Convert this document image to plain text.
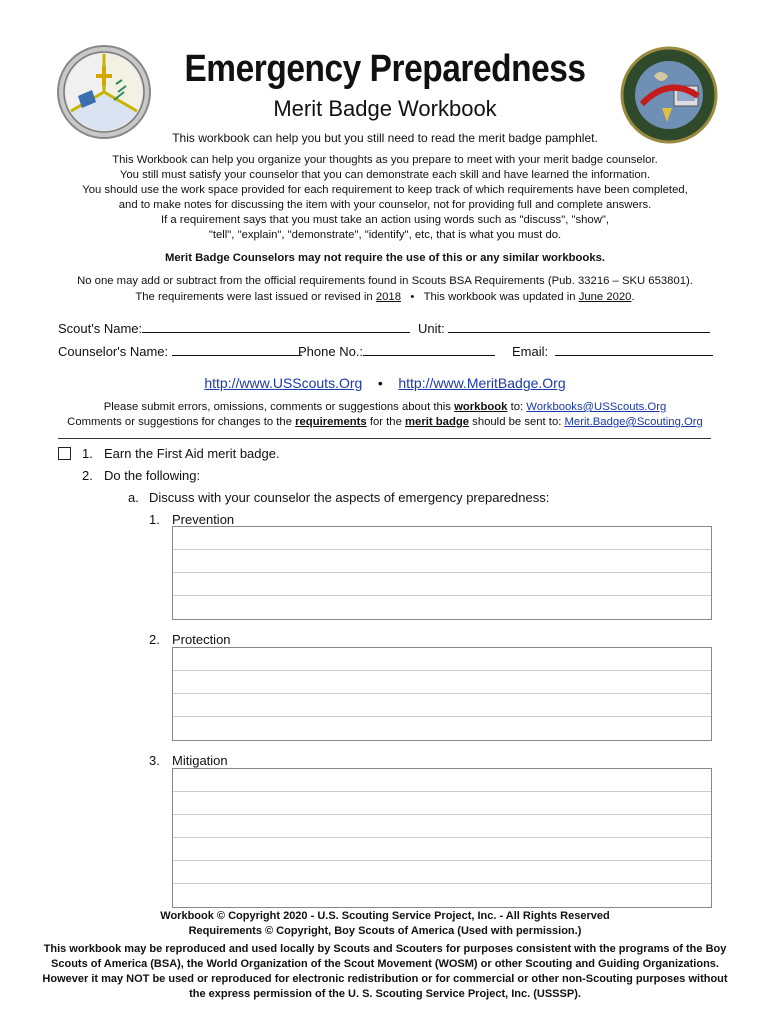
Emergency Preparedness
Merit Badge Workbook
This workbook can help you but you still need to read the merit badge pamphlet.
This Workbook can help you organize your thoughts as you prepare to meet with your merit badge counselor.
You still must satisfy your counselor that you can demonstrate each skill and have learned the information.
You should use the work space provided for each requirement to keep track of which requirements have been completed,
and to make notes for discussing the item with your counselor, not for providing full and complete answers.
If a requirement says that you must take an action using words such as "discuss", "show",
"tell", "explain", "demonstrate", "identify", etc, that is what you must do.
Merit Badge Counselors may not require the use of this or any similar workbooks.
No one may add or subtract from the official requirements found in Scouts BSA Requirements (Pub. 33216 – SKU 653801).
The requirements were last issued or revised in 2018 • This workbook was updated in June 2020.
Scout's Name:	Unit:
Counselor's Name:	Phone No.:	Email:
http://www.USScouts.Org • http://www.MeritBadge.Org
Please submit errors, omissions, comments or suggestions about this workbook to: Workbooks@USScouts.Org
Comments or suggestions for changes to the requirements for the merit badge should be sent to: Merit.Badge@Scouting.Org
1. Earn the First Aid merit badge.
2. Do the following:
a. Discuss with your counselor the aspects of emergency preparedness:
1. Prevention
2. Protection
3. Mitigation
Workbook © Copyright 2020 - U.S. Scouting Service Project, Inc. - All Rights Reserved
Requirements © Copyright, Boy Scouts of America (Used with permission.)
This workbook may be reproduced and used locally by Scouts and Scouters for purposes consistent with the programs of the Boy
Scouts of America (BSA), the World Organization of the Scout Movement (WOSM) or other Scouting and Guiding Organizations.
However it may NOT be used or reproduced for electronic redistribution or for commercial or other non-Scouting purposes without
the express permission of the U. S. Scouting Service Project, Inc. (USSSP).
